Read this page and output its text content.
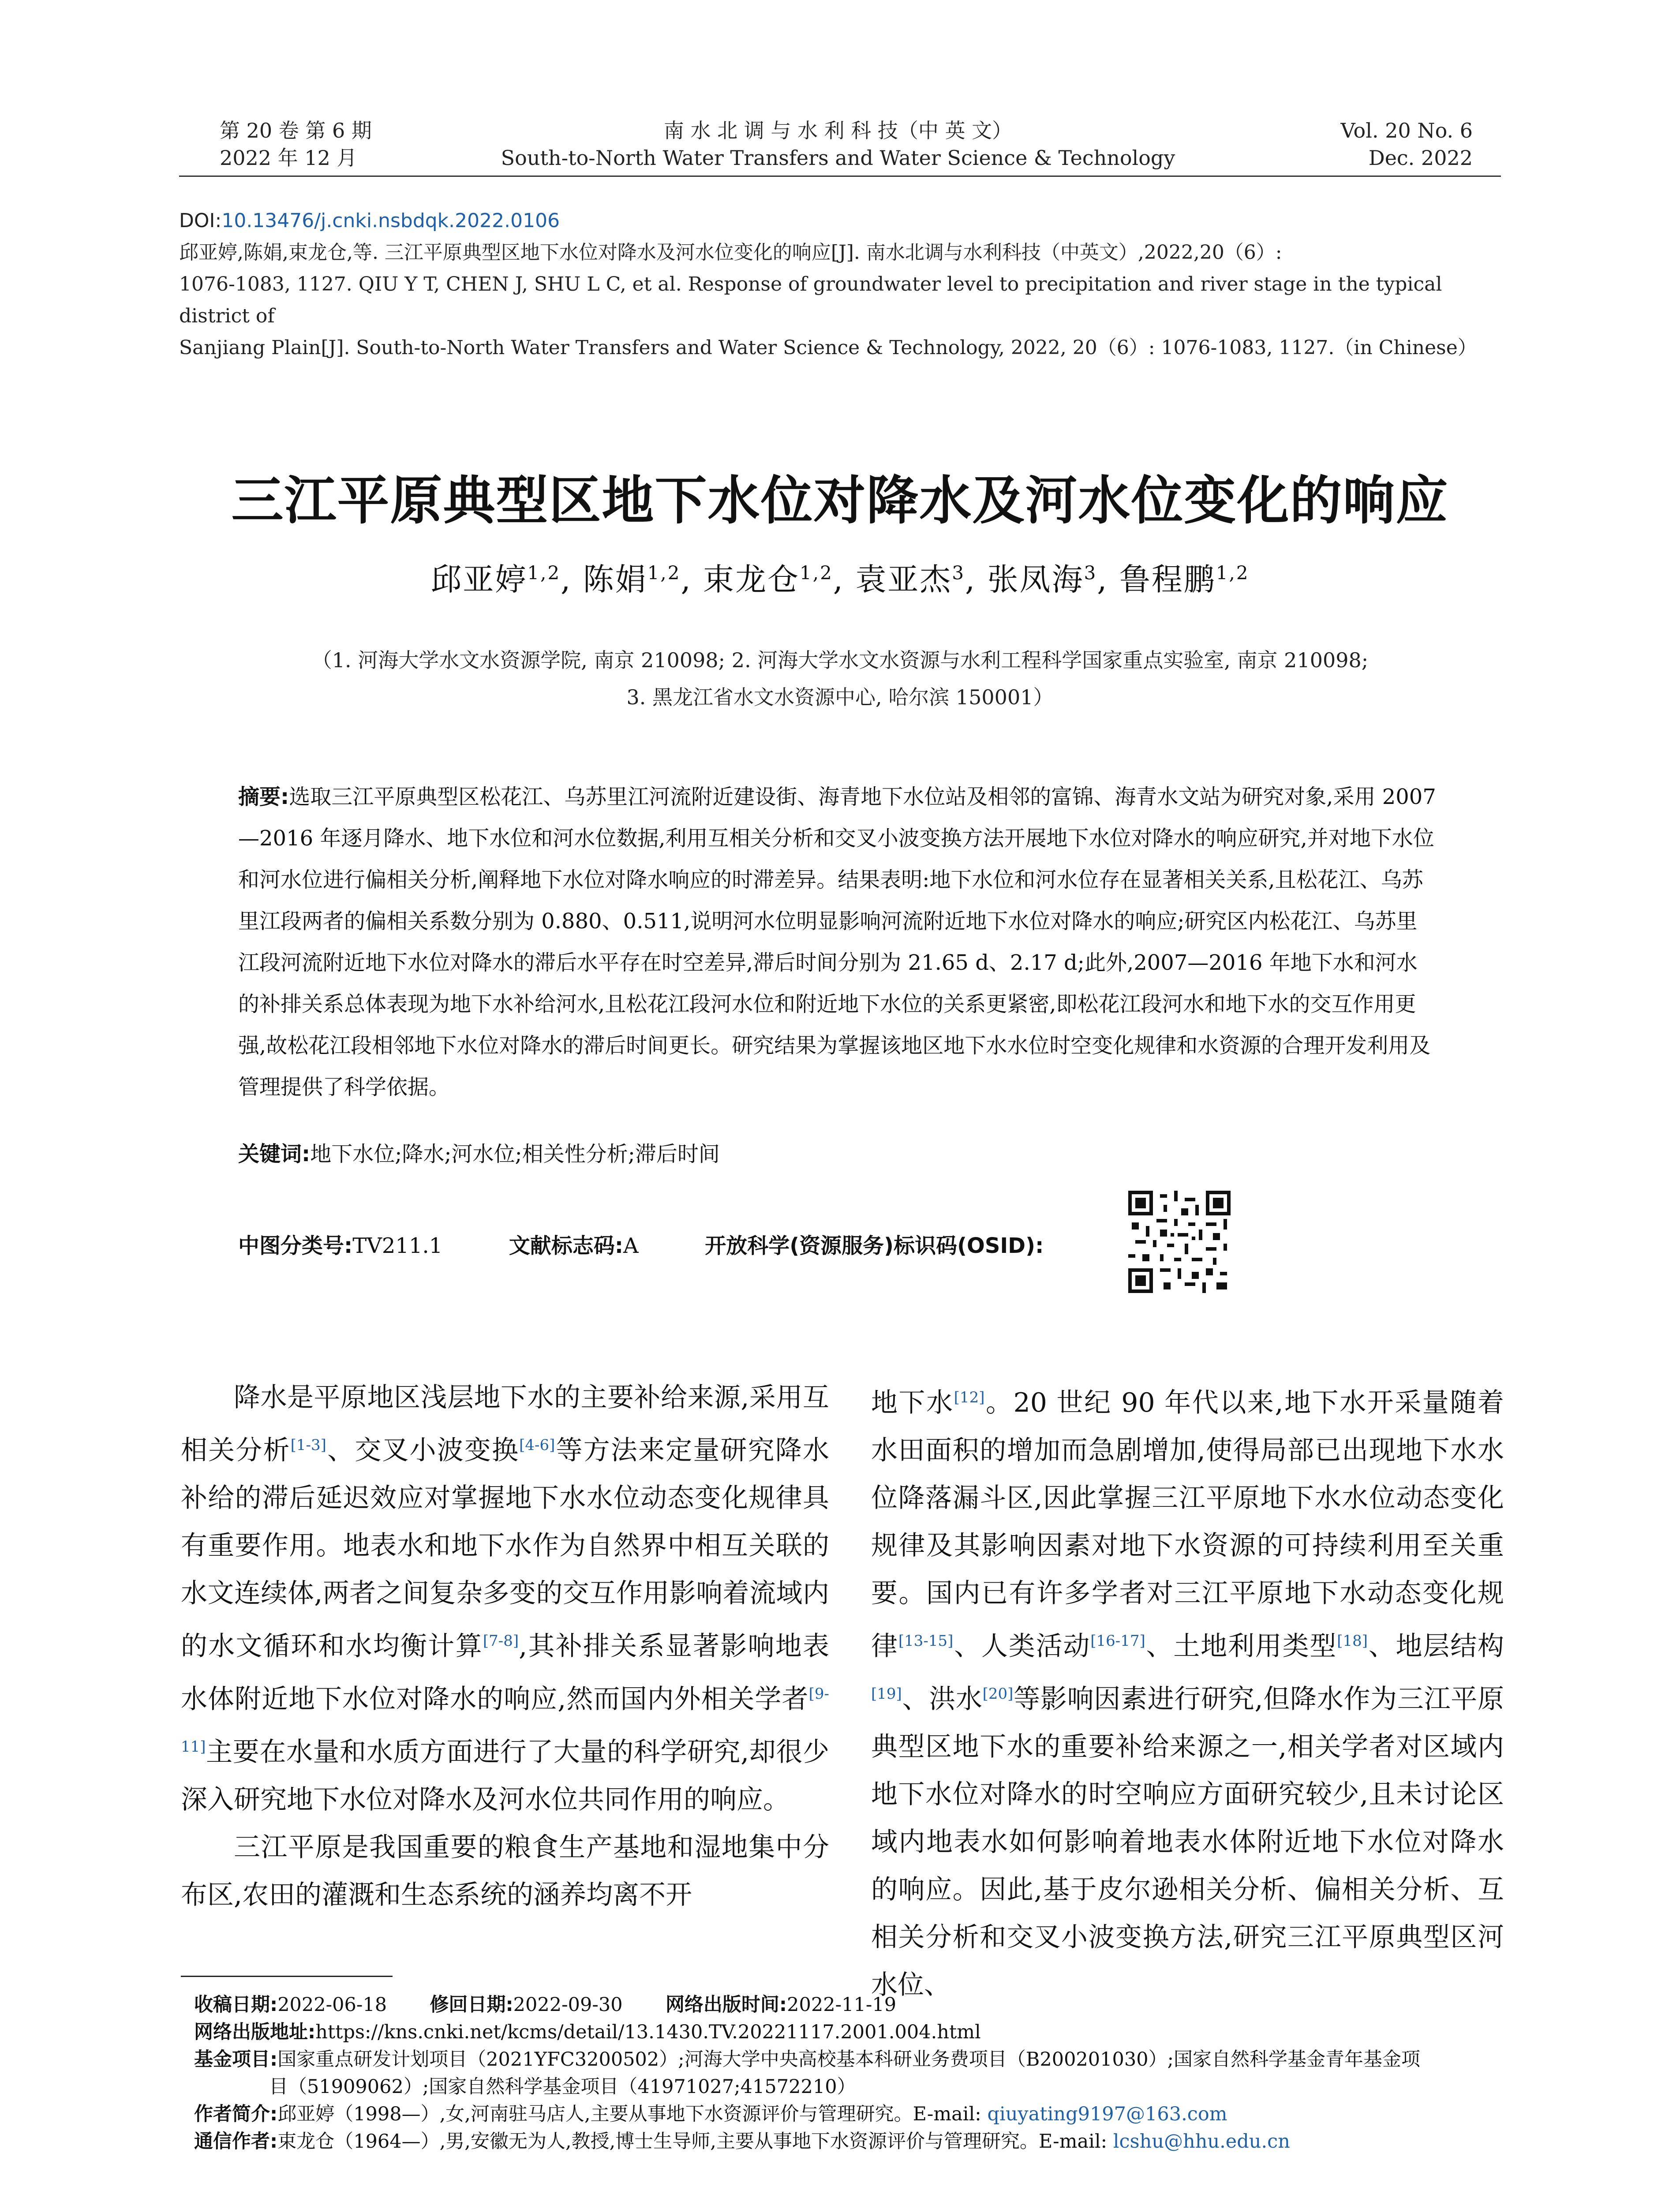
第 20 卷 第 6 期
2022 年 12 月
南 水 北 调 与 水 利 科 技（中 英 文）
South-to-North Water Transfers and Water Science & Technology
Vol. 20 No. 6
Dec. 2022
DOI:10.13476/j.cnki.nsbdqk.2022.0106
邱亚婷,陈娟,束龙仓,等. 三江平原典型区地下水位对降水及河水位变化的响应[J]. 南水北调与水利科技（中英文）,2022,20（6）:
1076-1083, 1127. QIU Y T, CHEN J, SHU L C, et al. Response of groundwater level to precipitation and river stage in the typical district of
Sanjiang Plain[J]. South-to-North Water Transfers and Water Science & Technology, 2022, 20（6）: 1076-1083, 1127.（in Chinese）
三江平原典型区地下水位对降水及河水位变化的响应
邱亚婷$^{1,2}$, 陈娟$^{1,2}$, 束龙仓$^{1,2}$, 袁亚杰$^3$, 张凤海$^3$, 鲁程鹏$^{1,2}$
（1. 河海大学水文水资源学院, 南京 210098; 2. 河海大学水文水资源与水利工程科学国家重点实验室, 南京 210098;
3. 黑龙江省水文水资源中心, 哈尔滨 150001）
摘要:选取三江平原典型区松花江、乌苏里江河流附近建设街、海青地下水位站及相邻的富锦、海青水文站为研究对象,采用 2007—2016 年逐月降水、地下水位和河水位数据,利用互相关分析和交叉小波变换方法开展地下水位对降水的响应研究,并对地下水位和河水位进行偏相关分析,阐释地下水位对降水响应的时滞差异。结果表明:地下水位和河水位存在显著相关关系,且松花江、乌苏里江段两者的偏相关系数分别为 0.880、0.511,说明河水位明显影响河流附近地下水位对降水的响应;研究区内松花江、乌苏里江段河流附近地下水位对降水的滞后水平存在时空差异,滞后时间分别为 21.65 d、2.17 d;此外,2007—2016 年地下水和河水的补排关系总体表现为地下水补给河水,且松花江段河水位和附近地下水位的关系更紧密,即松花江段河水和地下水的交互作用更强,故松花江段相邻地下水位对降水的滞后时间更长。研究结果为掌握该地区地下水水位时空变化规律和水资源的合理开发利用及管理提供了科学依据。
关键词:地下水位;降水;河水位;相关性分析;滞后时间
中图分类号:TV211.1	文献标志码:A	开放科学(资源服务)标识码(OSID):

降水是平原地区浅层地下水的主要补给来源,采用互相关分析[1-3]、交叉小波变换[4-6]等方法来定量研究降水补给的滞后延迟效应对掌握地下水水位动态变化规律具有重要作用。地表水和地下水作为自然界中相互关联的水文连续体,两者之间复杂多变的交互作用影响着流域内的水文循环和水均衡计算[7-8],其补排关系显著影响地表水体附近地下水位对降水的响应,然而国内外相关学者[9-11]主要在水量和水质方面进行了大量的科学研究,却很少深入研究地下水位对降水及河水位共同作用的响应。

三江平原是我国重要的粮食生产基地和湿地集中分布区,农田的灌溉和生态系统的涵养均离不开

地下水[12]。20 世纪 90 年代以来,地下水开采量随着水田面积的增加而急剧增加,使得局部已出现地下水水位降落漏斗区,因此掌握三江平原地下水水位动态变化规律及其影响因素对地下水资源的可持续利用至关重要。国内已有许多学者对三江平原地下水动态变化规律[13-15]、人类活动[16-17]、土地利用类型[18]、地层结构[19]、洪水[20]等影响因素进行研究,但降水作为三江平原典型区地下水的重要补给来源之一,相关学者对区域内地下水位对降水的时空响应方面研究较少,且未讨论区域内地表水如何影响着地表水体附近地下水位对降水的响应。因此,基于皮尔逊相关分析、偏相关分析、互相关分析和交叉小波变换方法,研究三江平原典型区河水位、

收稿日期:2022-06-18 修回日期:2022-09-30 网络出版时间:2022-11-19
网络出版地址:https://kns.cnki.net/kcms/detail/13.1430.TV.20221117.2001.004.html
基金项目:国家重点研发计划项目（2021YFC3200502）;河海大学中央高校基本科研业务费项目（B200201030）;国家自然科学基金青年基金项
目（51909062）;国家自然科学基金项目（41971027;41572210）
作者简介:邱亚婷（1998—）,女,河南驻马店人,主要从事地下水资源评价与管理研究。E-mail: qiuyating9197@163.com
通信作者:束龙仓（1964—）,男,安徽无为人,教授,博士生导师,主要从事地下水资源评价与管理研究。E-mail: lcshu@hhu.edu.cn
